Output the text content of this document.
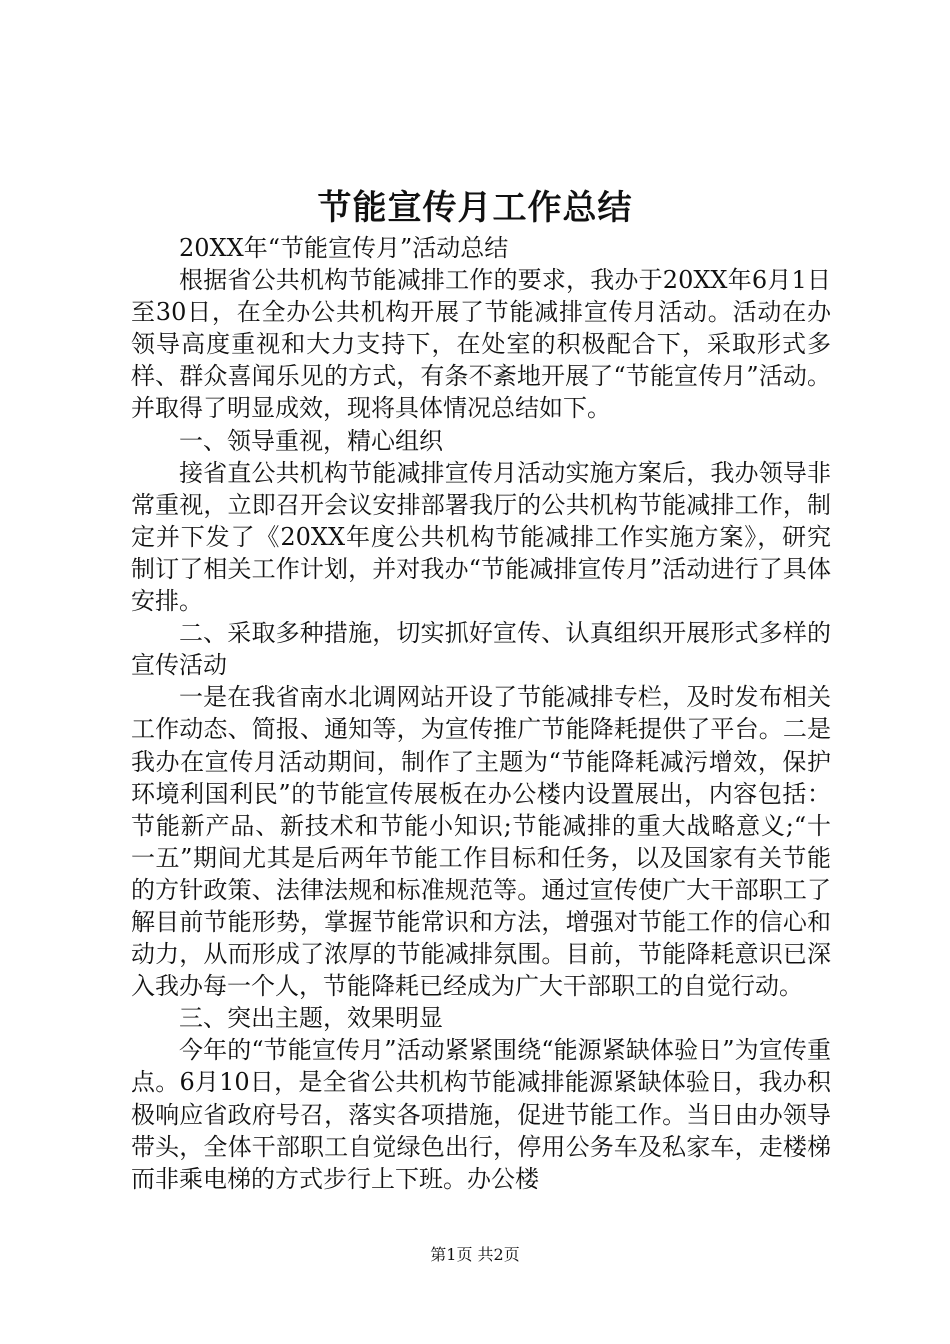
节能宣传月工作总结

20XX年“节能宣传月”活动总结

根据省公共机构节能减排工作的要求，我办于20XX年6月1日至30日，在全办公共机构开展了节能减排宣传月活动。活动在办领导高度重视和大力支持下，在处室的积极配合下，采取形式多样、群众喜闻乐见的方式，有条不紊地开展了“节能宣传月”活动。并取得了明显成效，现将具体情况总结如下。

一、领导重视，精心组织

接省直公共机构节能减排宣传月活动实施方案后，我办领导非常重视，立即召开会议安排部署我厅的公共机构节能减排工作，制定并下发了《20XX年度公共机构节能减排工作实施方案》，研究制订了相关工作计划，并对我办“节能减排宣传月”活动进行了具体安排。

二、采取多种措施，切实抓好宣传、认真组织开展形式多样的宣传活动

一是在我省南水北调网站开设了节能减排专栏，及时发布相关工作动态、简报、通知等，为宣传推广节能降耗提供了平台。二是我办在宣传月活动期间，制作了主题为“节能降耗减污增效，保护环境利国利民”的节能宣传展板在办公楼内设置展出，内容包括：节能新产品、新技术和节能小知识;节能减排的重大战略意义;“十一五”期间尤其是后两年节能工作目标和任务，以及国家有关节能的方针政策、法律法规和标准规范等。通过宣传使广大干部职工了解目前节能形势，掌握节能常识和方法，增强对节能工作的信心和动力，从而形成了浓厚的节能减排氛围。目前，节能降耗意识已深入我办每一个人，节能降耗已经成为广大干部职工的自觉行动。

三、突出主题，效果明显

今年的“节能宣传月”活动紧紧围绕“能源紧缺体验日”为宣传重点。6月10日，是全省公共机构节能减排能源紧缺体验日，我办积极响应省政府号召，落实各项措施，促进节能工作。当日由办领导带头，全体干部职工自觉绿色出行，停用公务车及私家车，走楼梯而非乘电梯的方式步行上下班。办公楼

第1页 共2页
